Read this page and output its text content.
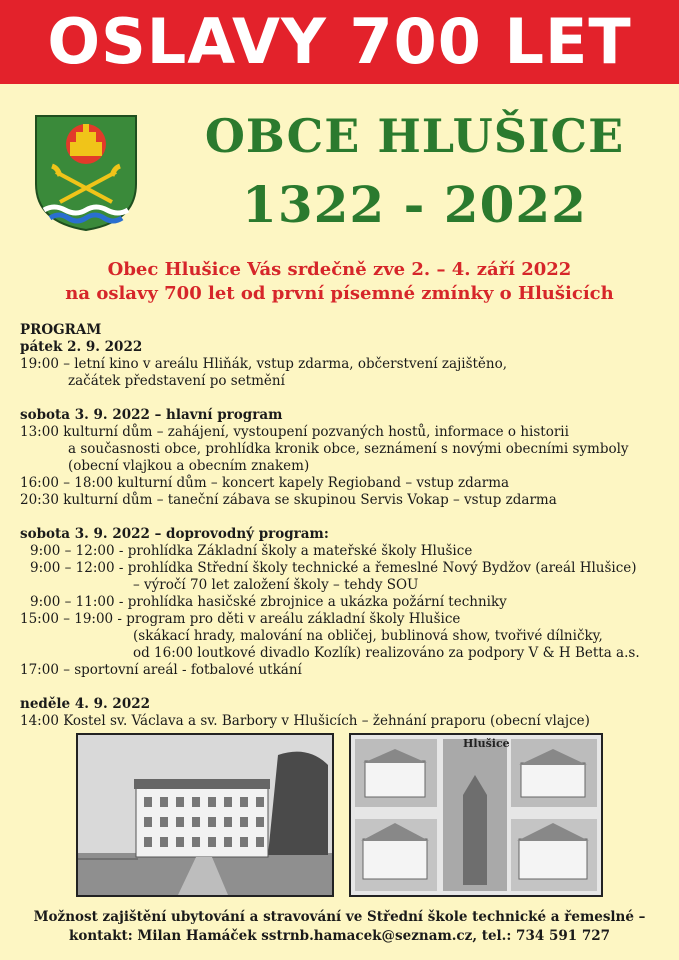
OSLAVY 700 LET
OBCE HLUŠICE
1322 - 2022
Obec Hlušice Vás srdečně zve 2. – 4. září 2022
na oslavy 700 let od první písemné zmínky o Hlušicích
PROGRAM
pátek 2. 9. 2022
19:00 – letní kino v areálu Hliňák, vstup zdarma, občerstvení zajištěno,
začátek představení po setmění
sobota 3. 9. 2022 – hlavní program
13:00 kulturní dům – zahájení, vystoupení pozvaných hostů, informace o historii
a současnosti obce, prohlídka kronik obce, seznámení s novými obecními symboly
(obecní vlajkou a obecním znakem)
16:00 – 18:00 kulturní dům – koncert kapely Regioband – vstup zdarma
20:30 kulturní dům – taneční zábava se skupinou Servis Vokap – vstup zdarma
sobota 3. 9. 2022 – doprovodný program:
9:00 – 12:00 - prohlídka Základní školy a mateřské školy Hlušice
9:00 – 12:00 - prohlídka Střední školy technické a řemeslné Nový Bydžov (areál Hlušice)
– výročí 70 let založení školy – tehdy SOU
9:00 – 11:00 - prohlídka hasičské zbrojnice a ukázka požární techniky
15:00 – 19:00 - program pro děti v areálu základní školy Hlušice
(skákací hrady, malování na obličej, bublinová show, tvořivé dílničky,
od 16:00 loutkové divadlo Kozlík) realizováno za podpory V & H Betta a.s.
17:00 – sportovní areál - fotbalové utkání
neděle 4. 9. 2022
14:00 Kostel sv. Václava a sv. Barbory v Hlušicích – žehnání praporu (obecní vlajce)
Hlušice
Možnost zajištění ubytování a stravování ve Střední škole technické a řemeslné –
kontakt: Milan Hamáček sstrnb.hamacek@seznam.cz, tel.: 734 591 727
